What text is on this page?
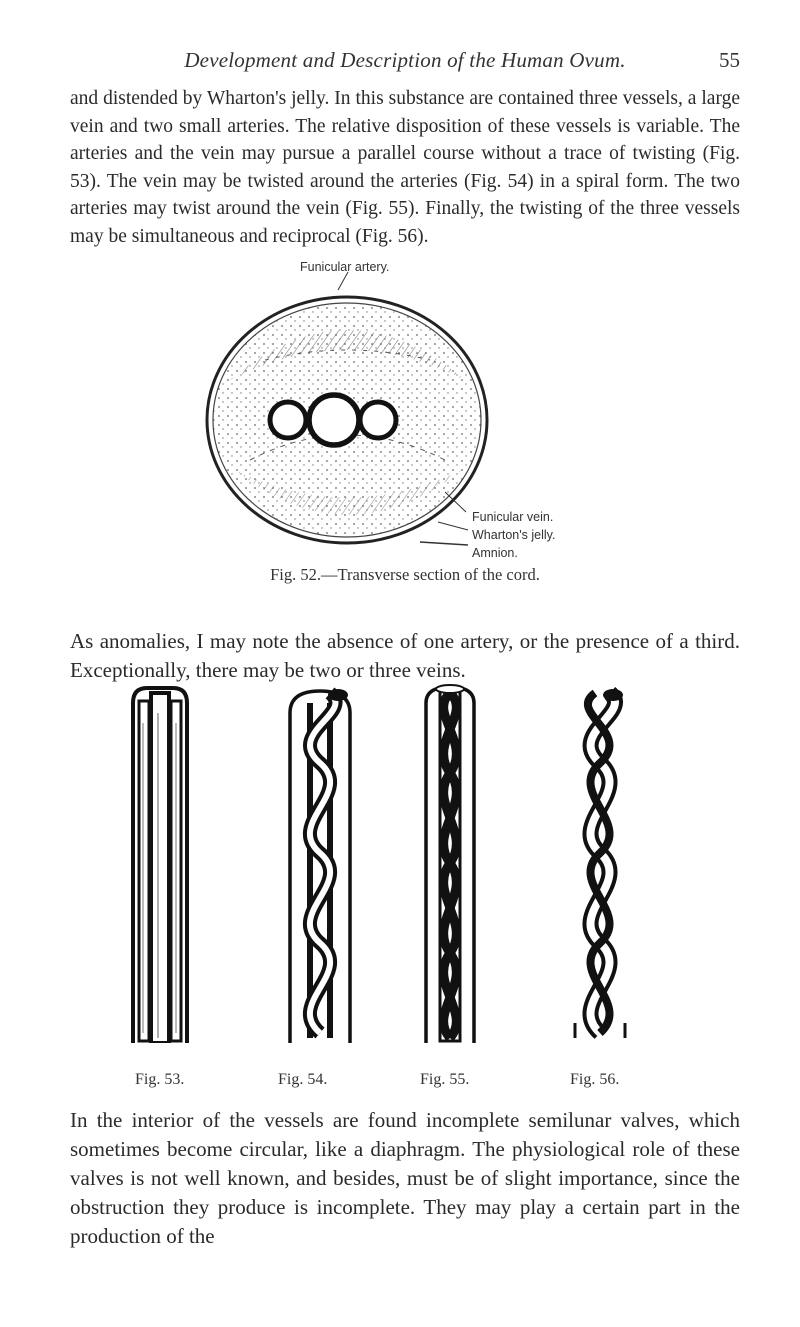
Development and Description of the Human Ovum.	55

and distended by Wharton's jelly. In this substance are contained three vessels, a large vein and two small arteries. The relative disposition of these vessels is variable. The arteries and the vein may pursue a parallel course without a trace of twisting (Fig. 53). The vein may be twisted around the arteries (Fig. 54) in a spiral form. The two arteries may twist around the vein (Fig. 55). Finally, the twisting of the three vessels may be simultaneous and reciprocal (Fig. 56).

Funicular artery.
Funicular vein.
Wharton's jelly.
Amnion.
Fig. 52.—Transverse section of the cord.

As anomalies, I may note the absence of one artery, or the presence of a third. Exceptionally, there may be two or three veins.

Fig. 53.	Fig. 54.	Fig. 55.	Fig. 56.

In the interior of the vessels are found incomplete semilunar valves, which sometimes become circular, like a diaphragm. The physiological role of these valves is not well known, and besides, must be of slight importance, since the obstruction they produce is incomplete. They may play a certain part in the production of the
